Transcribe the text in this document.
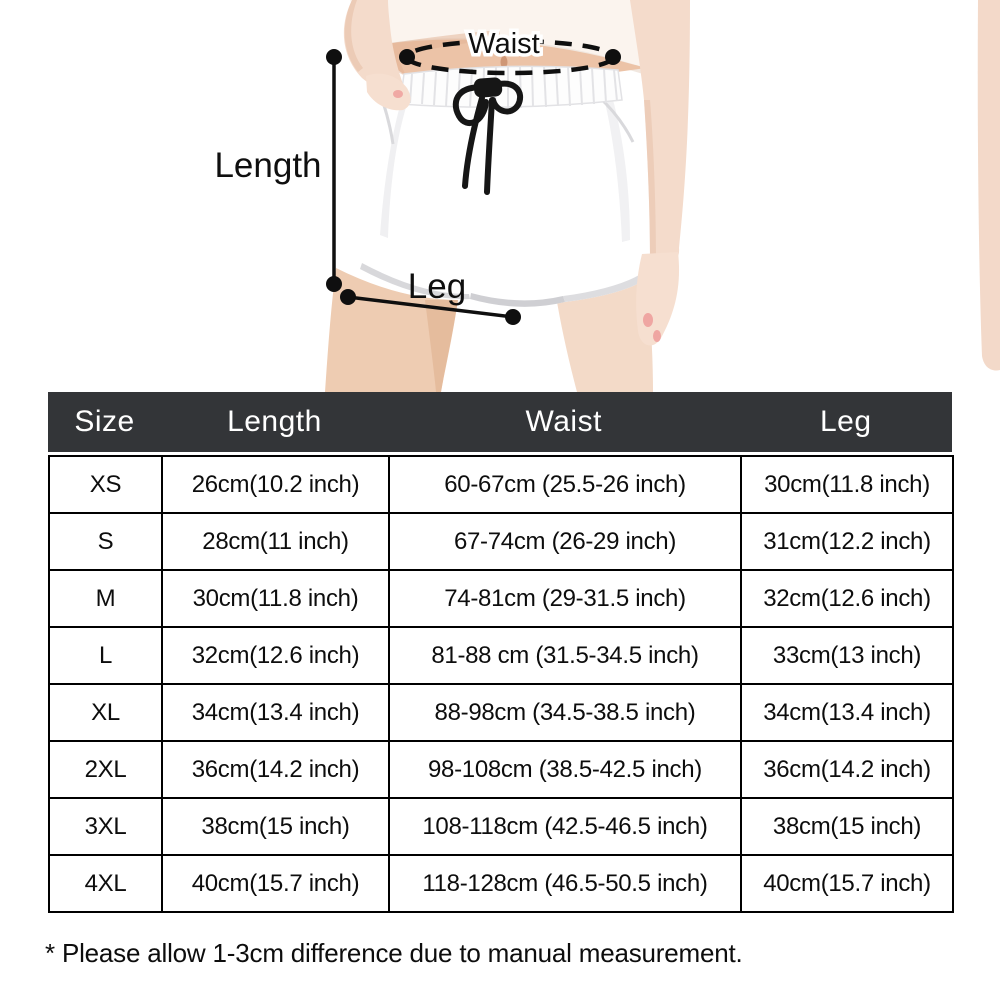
Waist
Length
Leg
Size	Length	Waist	Leg
XS	26cm(10.2 inch)	60-67cm (25.5-26 inch)	30cm(11.8 inch)
S	28cm(11 inch)	67-74cm (26-29 inch)	31cm(12.2 inch)
M	30cm(11.8 inch)	74-81cm (29-31.5 inch)	32cm(12.6 inch)
L	32cm(12.6 inch)	81-88 cm (31.5-34.5 inch)	33cm(13 inch)
XL	34cm(13.4 inch)	88-98cm (34.5-38.5 inch)	34cm(13.4 inch)
2XL	36cm(14.2 inch)	98-108cm (38.5-42.5 inch)	36cm(14.2 inch)
3XL	38cm(15 inch)	108-118cm (42.5-46.5 inch)	38cm(15 inch)
4XL	40cm(15.7 inch)	118-128cm (46.5-50.5 inch)	40cm(15.7 inch)
* Please allow 1-3cm difference due to manual measurement.
